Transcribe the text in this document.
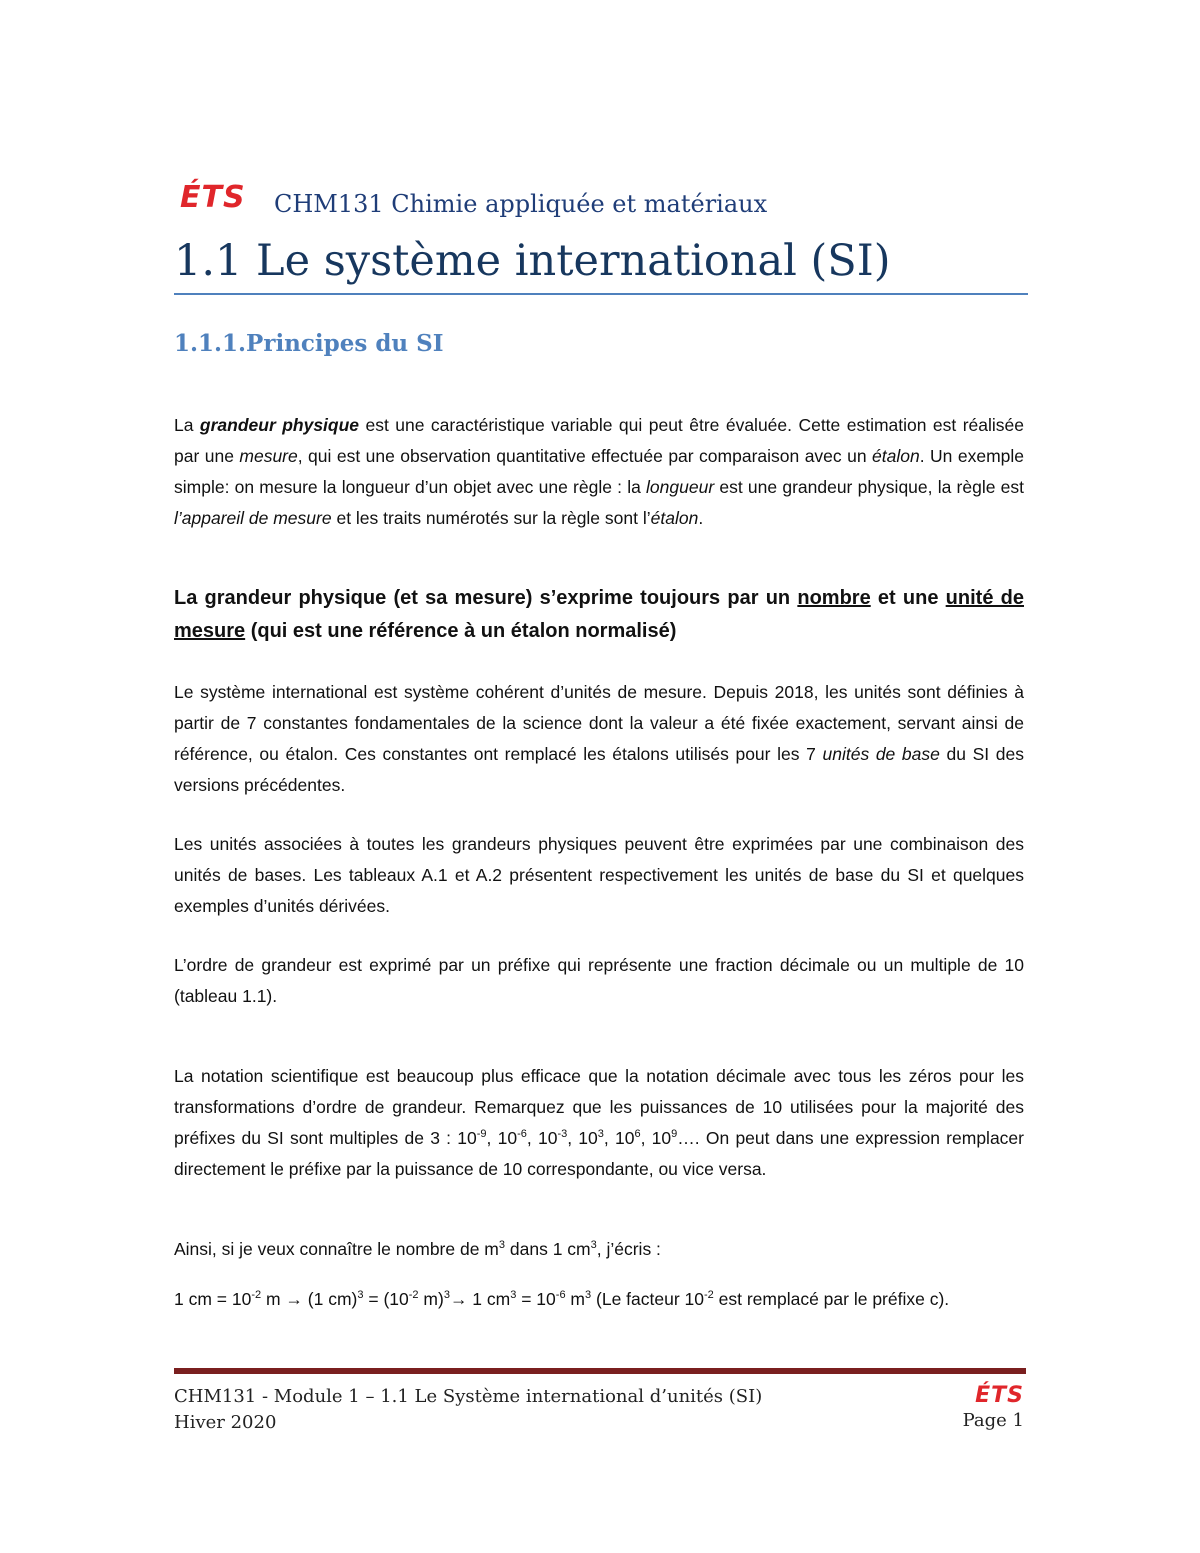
ÉTS CHM131 Chimie appliquée et matériaux
1.1 Le système international (SI)
1.1.1.Principes du SI
La grandeur physique est une caractéristique variable qui peut être évaluée. Cette estimation est réalisée par une mesure, qui est une observation quantitative effectuée par comparaison avec un étalon. Un exemple simple: on mesure la longueur d’un objet avec une règle : la longueur est une grandeur physique, la règle est l’appareil de mesure et les traits numérotés sur la règle sont l’étalon.
La grandeur physique (et sa mesure) s’exprime toujours par un nombre et une unité de mesure (qui est une référence à un étalon normalisé)
Le système international est système cohérent d’unités de mesure. Depuis 2018, les unités sont définies à partir de 7 constantes fondamentales de la science dont la valeur a été fixée exactement, servant ainsi de référence, ou étalon. Ces constantes ont remplacé les étalons utilisés pour les 7 unités de base du SI des versions précédentes.
Les unités associées à toutes les grandeurs physiques peuvent être exprimées par une combinaison des unités de bases. Les tableaux A.1 et A.2 présentent respectivement les unités de base du SI et quelques exemples d’unités dérivées.
L’ordre de grandeur est exprimé par un préfixe qui représente une fraction décimale ou un multiple de 10 (tableau 1.1).
La notation scientifique est beaucoup plus efficace que la notation décimale avec tous les zéros pour les transformations d’ordre de grandeur. Remarquez que les puissances de 10 utilisées pour la majorité des préfixes du SI sont multiples de 3 : $10^{-9}$, $10^{-6}$, $10^{-3}$, $10^3$, $10^6$, $10^9\dots$. On peut dans une expression remplacer directement le préfixe par la puissance de 10 correspondante, ou vice versa.
Ainsi, si je veux connaître le nombre de $m^3$ dans 1 $cm^3$, j’écris :
1 cm = $10^{-2}$ m → (1 $cm)^3 = (10^{-2}$ m)$^3$→ 1 $cm^3 = 10^{-6}$ $m^3$ (Le facteur $10^{-2}$ est remplacé par le préfixe c).
CHM131 - Module 1 – 1.1 Le Système international d’unités (SI)
Hiver 2020
ÉTS
Page 1
